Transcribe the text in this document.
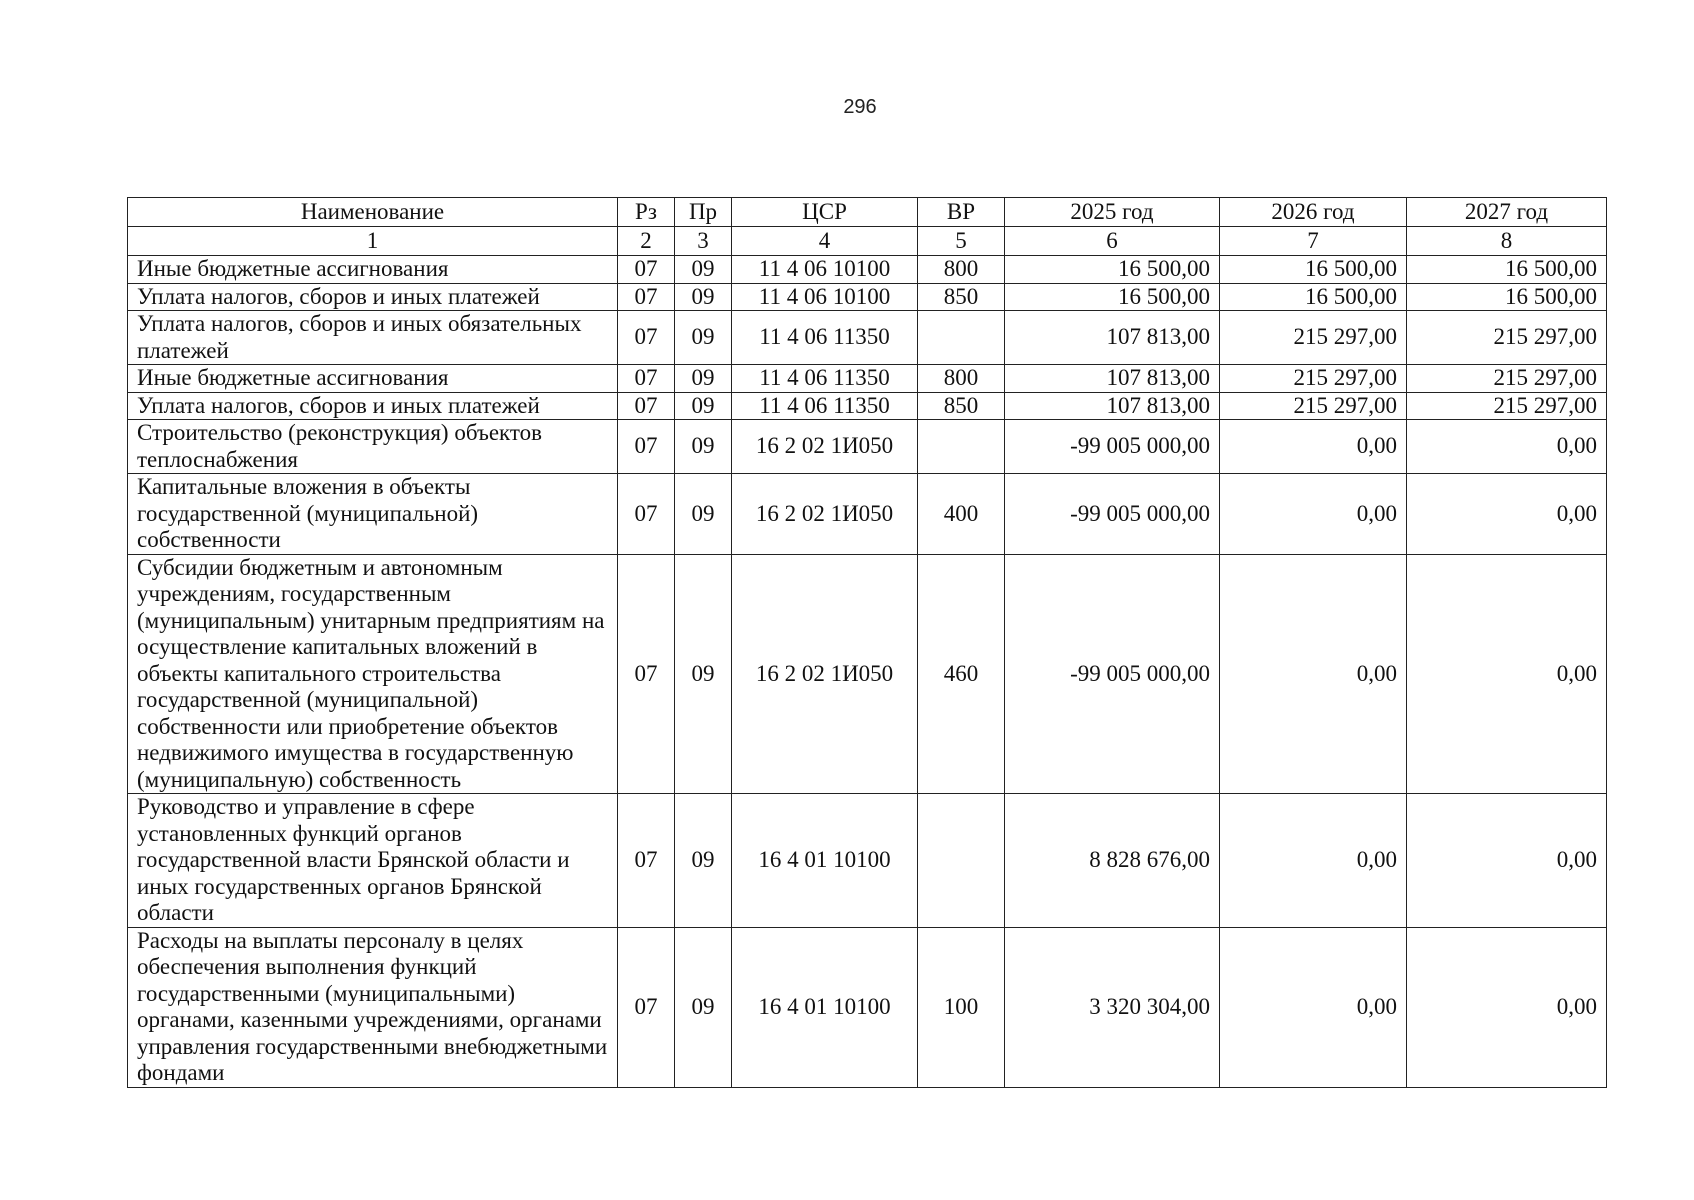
296
Наименование	Рз	Пр	ЦСР	ВР	2025 год	2026 год	2027 год
1	2	3	4	5	6	7	8
Иные бюджетные ассигнования	07	09	11 4 06 10100	800	16 500,00	16 500,00	16 500,00
Уплата налогов, сборов и иных платежей	07	09	11 4 06 10100	850	16 500,00	16 500,00	16 500,00
Уплата налогов, сборов и иных обязательных платежей	07	09	11 4 06 11350		107 813,00	215 297,00	215 297,00
Иные бюджетные ассигнования	07	09	11 4 06 11350	800	107 813,00	215 297,00	215 297,00
Уплата налогов, сборов и иных платежей	07	09	11 4 06 11350	850	107 813,00	215 297,00	215 297,00
Строительство (реконструкция) объектов теплоснабжения	07	09	16 2 02 1И050		-99 005 000,00	0,00	0,00
Капитальные вложения в объекты государственной (муниципальной) собственности	07	09	16 2 02 1И050	400	-99 005 000,00	0,00	0,00
Субсидии бюджетным и автономным учреждениям, государственным (муниципальным) унитарным предприятиям на осуществление капитальных вложений в объекты капитального строительства государственной (муниципальной) собственности или приобретение объектов недвижимого имущества в государственную (муниципальную) собственность	07	09	16 2 02 1И050	460	-99 005 000,00	0,00	0,00
Руководство и управление в сфере установленных функций органов государственной власти Брянской области и иных государственных органов Брянской области	07	09	16 4 01 10100		8 828 676,00	0,00	0,00
Расходы на выплаты персоналу в целях обеспечения выполнения функций государственными (муниципальными) органами, казенными учреждениями, органами управления государственными внебюджетными фондами	07	09	16 4 01 10100	100	3 320 304,00	0,00	0,00
